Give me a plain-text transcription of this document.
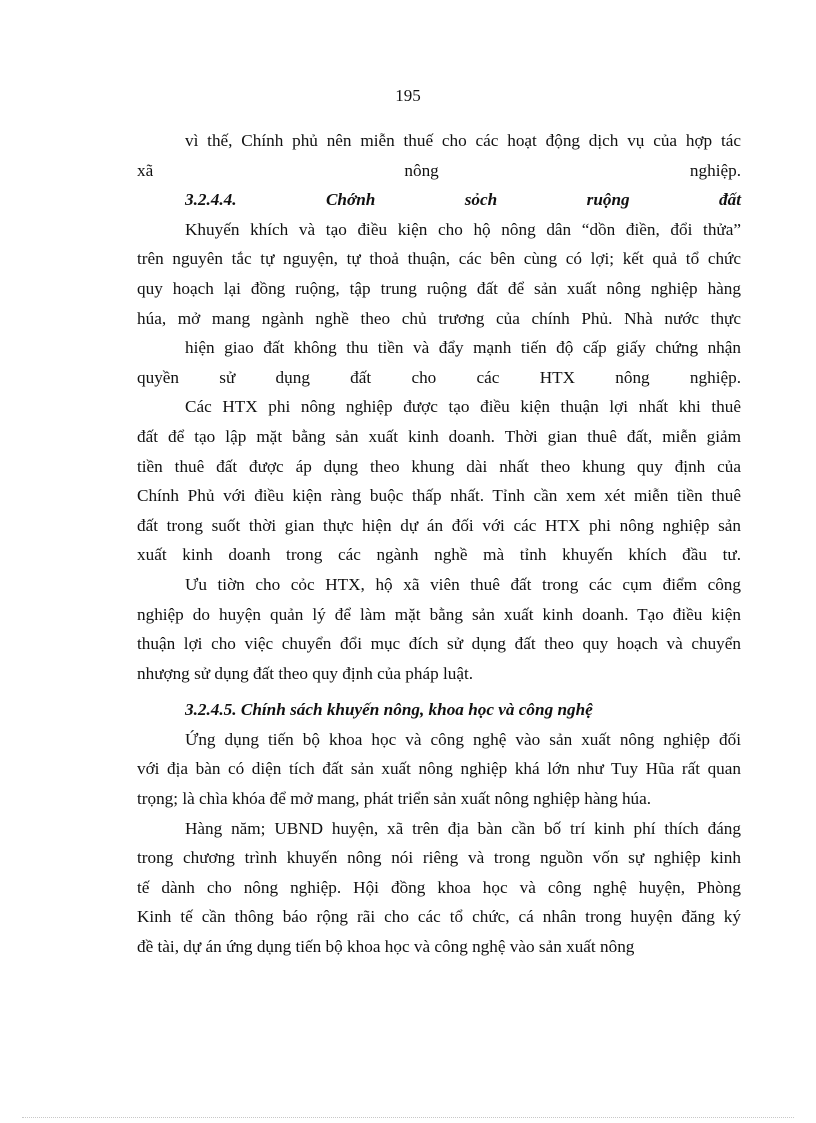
195
vì thế, Chính phủ nên miễn thuế cho các hoạt động dịch vụ của hợp tác
xã nông nghiệp.
3.2.4.4. Chớnh sỏch ruộng đất
Khuyến khích và tạo điều kiện cho hộ nông dân “dồn điền, đổi thửa”
trên nguyên tắc tự nguyện, tự thoả thuận, các bên cùng có lợi; kết quả tổ chức
quy hoạch lại đồng ruộng, tập trung ruộng đất để sản xuất nông nghiệp hàng
húa, mở mang ngành nghề theo chủ trương của chính Phủ. Nhà nước thực
hiện giao đất không thu tiền và đẩy mạnh tiến độ cấp giấy chứng nhận
quyền sử dụng đất cho các HTX nông nghiệp.
Các HTX phi nông nghiệp được tạo điều kiện thuận lợi nhất khi thuê
đất để tạo lập mặt bằng sản xuất kinh doanh. Thời gian thuê đất, miễn giảm
tiền thuê đất được áp dụng theo khung dài nhất theo khung quy định của
Chính Phủ với điều kiện ràng buộc thấp nhất. Tỉnh cần xem xét miễn tiền thuê
đất trong suốt thời gian thực hiện dự án đối với các HTX phi nông nghiệp sản
xuất kinh doanh trong các ngành nghề mà tỉnh khuyến khích đầu tư.
Ưu tiờn cho cỏc HTX, hộ xã viên thuê đất trong các cụm điểm công
nghiệp do huyện quản lý để làm mặt bằng sản xuất kinh doanh. Tạo điều kiện
thuận lợi cho việc chuyển đổi mục đích sử dụng đất theo quy hoạch và chuyển
nhượng sử dụng đất theo quy định của pháp luật.
3.2.4.5. Chính sách khuyến nông, khoa học và công nghệ
Ứng dụng tiến bộ khoa học và công nghệ vào sản xuất nông nghiệp đối
với địa bàn có diện tích đất sản xuất nông nghiệp khá lớn như Tuy Hũa rất quan
trọng; là chìa khóa để mở mang, phát triển sản xuất nông nghiệp hàng húa.
Hàng năm; UBND huyện, xã trên địa bàn cần bố trí kinh phí thích đáng
trong chương trình khuyến nông nói riêng và trong nguồn vốn sự nghiệp kinh
tế dành cho nông nghiệp. Hội đồng khoa học và công nghệ huyện, Phòng
Kinh tế cần thông báo rộng rãi cho các tổ chức, cá nhân trong huyện đăng ký
đề tài, dự án ứng dụng tiến bộ khoa học và công nghệ vào sản xuất nông
